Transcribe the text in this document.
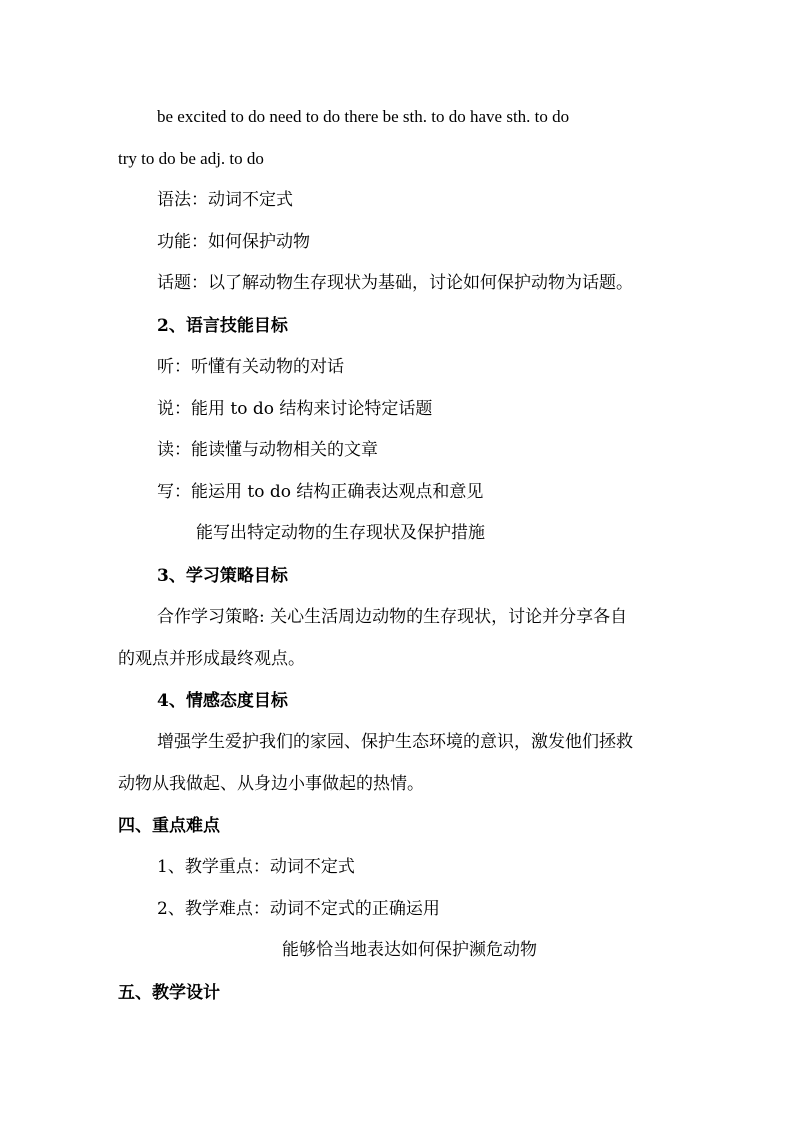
be excited to do need to do there be sth. to do have sth. to do

try to do be adj. to do

语法：动词不定式

功能：如何保护动物

话题：以了解动物生存现状为基础，讨论如何保护动物为话题。

2、语言技能目标

听：听懂有关动物的对话

说：能用 to do 结构来讨论特定话题

读：能读懂与动物相关的文章

写：能运用 to do 结构正确表达观点和意见

能写出特定动物的生存现状及保护措施

3、学习策略目标

合作学习策略: 关心生活周边动物的生存现状，讨论并分享各自

的观点并形成最终观点。

4、情感态度目标

增强学生爱护我们的家园、保护生态环境的意识，激发他们拯救

动物从我做起、从身边小事做起的热情。

四、重点难点

1、教学重点：动词不定式

2、教学难点：动词不定式的正确运用

能够恰当地表达如何保护濒危动物

五、教学设计
